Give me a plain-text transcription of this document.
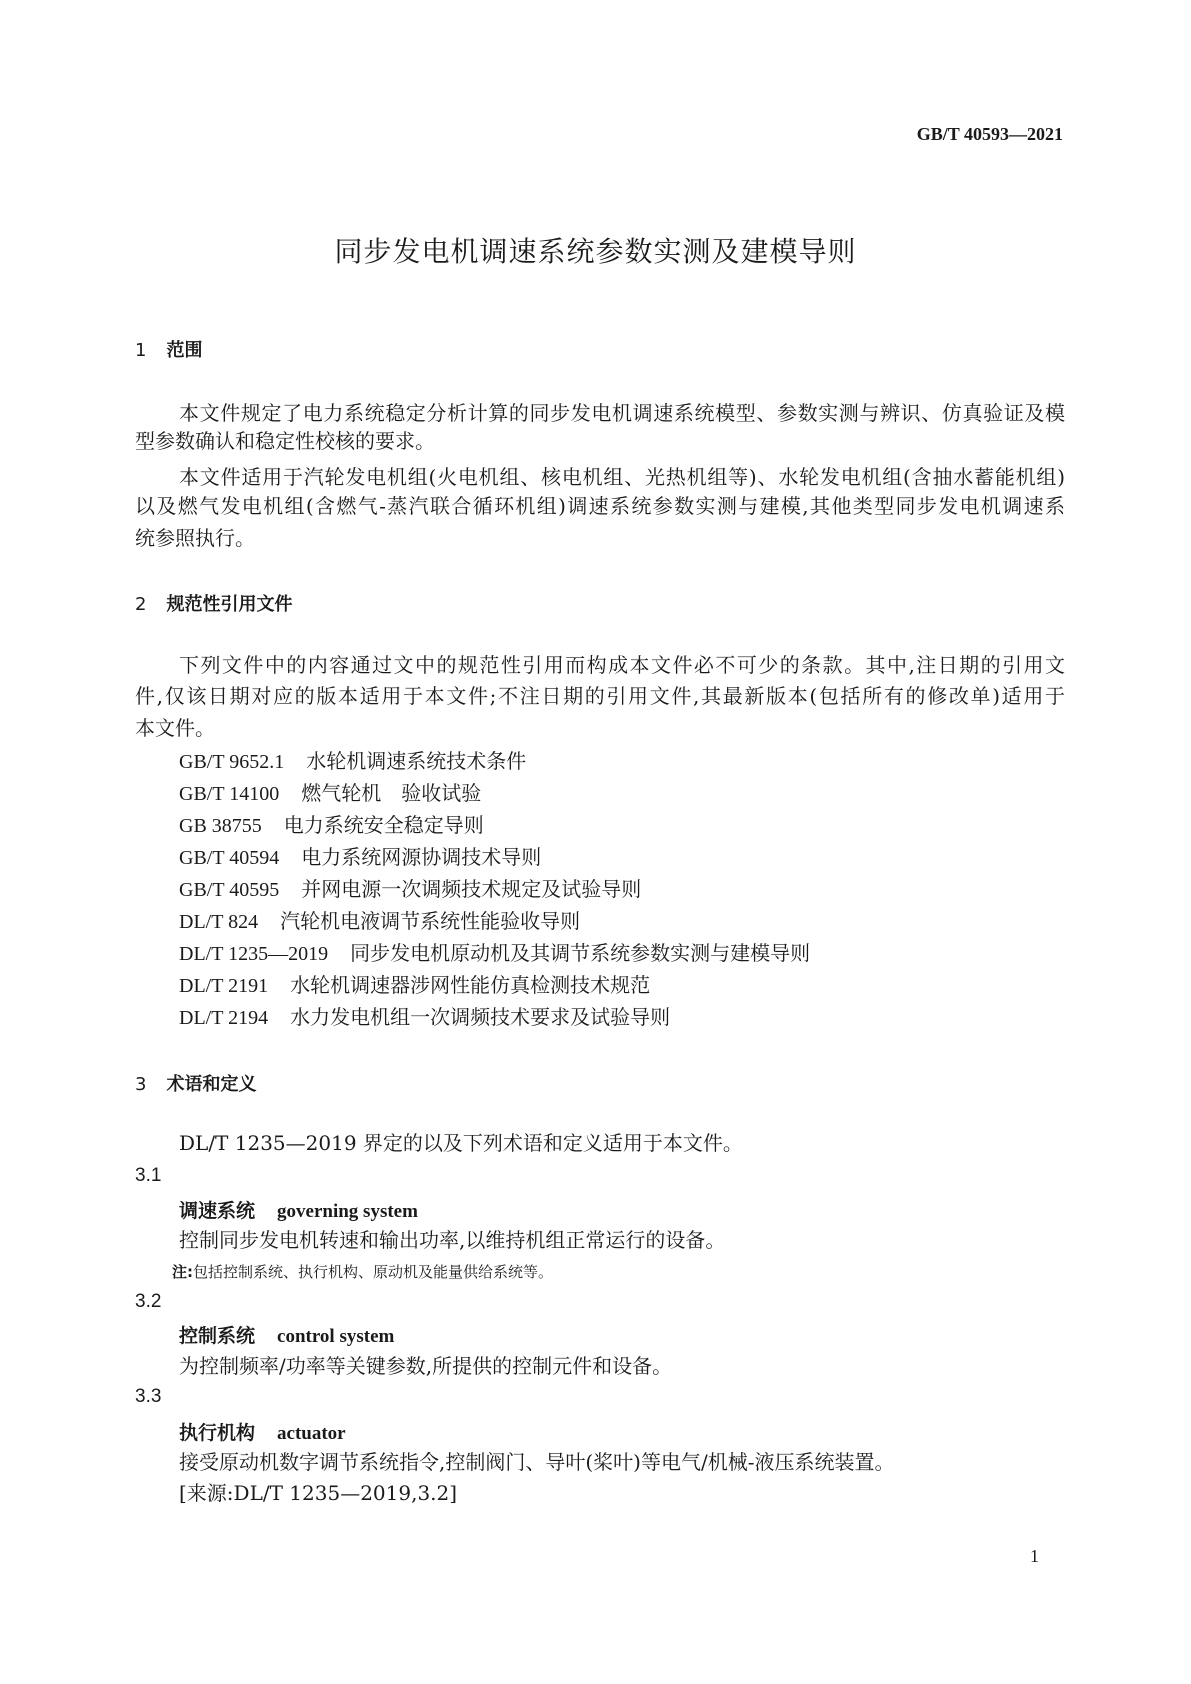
GB/T 40593—2021
同步发电机调速系统参数实测及建模导则
1 范围
本文件规定了电力系统稳定分析计算的同步发电机调速系统模型、参数实测与辨识、仿真验证及模
型参数确认和稳定性校核的要求。
本文件适用于汽轮发电机组(火电机组、核电机组、光热机组等)、水轮发电机组(含抽水蓄能机组)
以及燃气发电机组(含燃气-蒸汽联合循环机组)调速系统参数实测与建模,其他类型同步发电机调速系
统参照执行。
2 规范性引用文件
下列文件中的内容通过文中的规范性引用而构成本文件必不可少的条款。其中,注日期的引用文
件,仅该日期对应的版本适用于本文件;不注日期的引用文件,其最新版本(包括所有的修改单)适用于
本文件。
GB/T 9652.1 水轮机调速系统技术条件
GB/T 14100 燃气轮机　验收试验
GB 38755 电力系统安全稳定导则
GB/T 40594 电力系统网源协调技术导则
GB/T 40595 并网电源一次调频技术规定及试验导则
DL/T 824 汽轮机电液调节系统性能验收导则
DL/T 1235—2019 同步发电机原动机及其调节系统参数实测与建模导则
DL/T 2191 水轮机调速器涉网性能仿真检测技术规范
DL/T 2194 水力发电机组一次调频技术要求及试验导则
3 术语和定义
DL/T 1235—2019 界定的以及下列术语和定义适用于本文件。
3.1
调速系统 governing system
控制同步发电机转速和输出功率,以维持机组正常运行的设备。
注:包括控制系统、执行机构、原动机及能量供给系统等。
3.2
控制系统 control system
为控制频率/功率等关键参数,所提供的控制元件和设备。
3.3
执行机构 actuator
接受原动机数字调节系统指令,控制阀门、导叶(桨叶)等电气/机械-液压系统装置。
[来源:DL/T 1235—2019,3.2]
1
